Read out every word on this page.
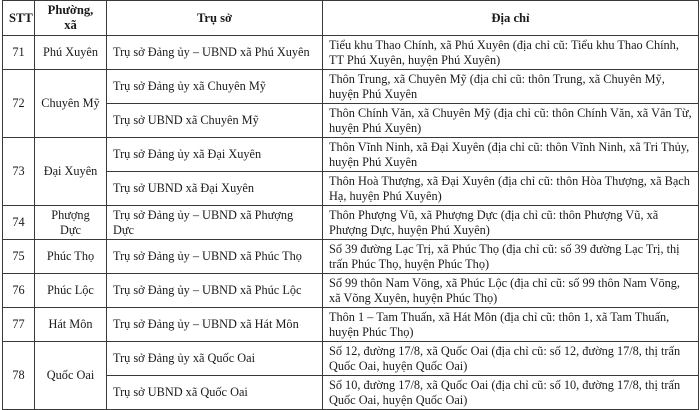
STT	Phường, xã	Trụ sở	Địa chỉ
71	Phú Xuyên	Trụ sở Đảng ủy – UBND xã Phú Xuyên	Tiểu khu Thao Chính, xã Phú Xuyên (địa chỉ cũ: Tiểu khu Thao Chính, TT Phú Xuyên, huyện Phú Xuyên)
72	Chuyên Mỹ	Trụ sở Đảng ủy xã Chuyên Mỹ	Thôn Trung, xã Chuyên Mỹ (địa chỉ cũ: thôn Trung, xã Chuyên Mỹ, huyện Phú Xuyên
		Trụ sở UBND xã Chuyên Mỹ	Thôn Chính Văn, xã Chuyên Mỹ (địa chỉ cũ: thôn Chính Văn, xã Vân Từ, huyện Phú Xuyên)
73	Đại Xuyên	Trụ sở Đảng ủy xã Đại Xuyên	Thôn Vĩnh Ninh, xã Đại Xuyên (địa chỉ cũ: thôn Vĩnh Ninh, xã Tri Thủy, huyện Phú Xuyên
		Trụ sở UBND xã Đại Xuyên	Thôn Hoà Thượng, xã Đại Xuyên (địa chỉ cũ: thôn Hòa Thượng, xã Bạch Hạ, huyện Phú Xuyên)
74	Phượng Dực	Trụ sở Đảng ủy – UBND xã Phượng Dực	Thôn Phượng Vũ, xã Phượng Dực (địa chỉ cũ: thôn Phượng Vũ, xã Phượng Dực, huyện Phú Xuyên)
75	Phúc Thọ	Trụ sở Đảng ủy – UBND xã Phúc Thọ	Số 39 đường Lạc Trị, xã Phúc Thọ (địa chỉ cũ: số 39 đường Lạc Trị, thị trấn Phúc Thọ, huyện Phúc Thọ)
76	Phúc Lộc	Trụ sở Đảng ủy – UBND xã Phúc Lộc	Số 99 thôn Nam Vōng, xã Phúc Lộc (địa chỉ cũ: số 99 thôn Nam Vōng, xã Võng Xuyên, huyện Phúc Thọ)
77	Hát Môn	Trụ sở Đảng ủy – UBND xã Hát Môn	Thôn 1 – Tam Thuấn, xã Hát Môn (địa chỉ cũ: thôn 1, xã Tam Thuấn, huyện Phúc Thọ)
78	Quốc Oai	Trụ sở Đảng ủy xã Quốc Oai	Số 12, đường 17/8, xã Quốc Oai (địa chỉ cũ: số 12, đường 17/8, thị trấn Quốc Oai, huyện Quốc Oai)
		Trụ sở UBND xã Quốc Oai	Số 10, đường 17/8, xã Quốc Oai (địa chỉ cũ: số 10, đường 17/8, thị trấn Quốc Oai, huyện Quốc Oai)
